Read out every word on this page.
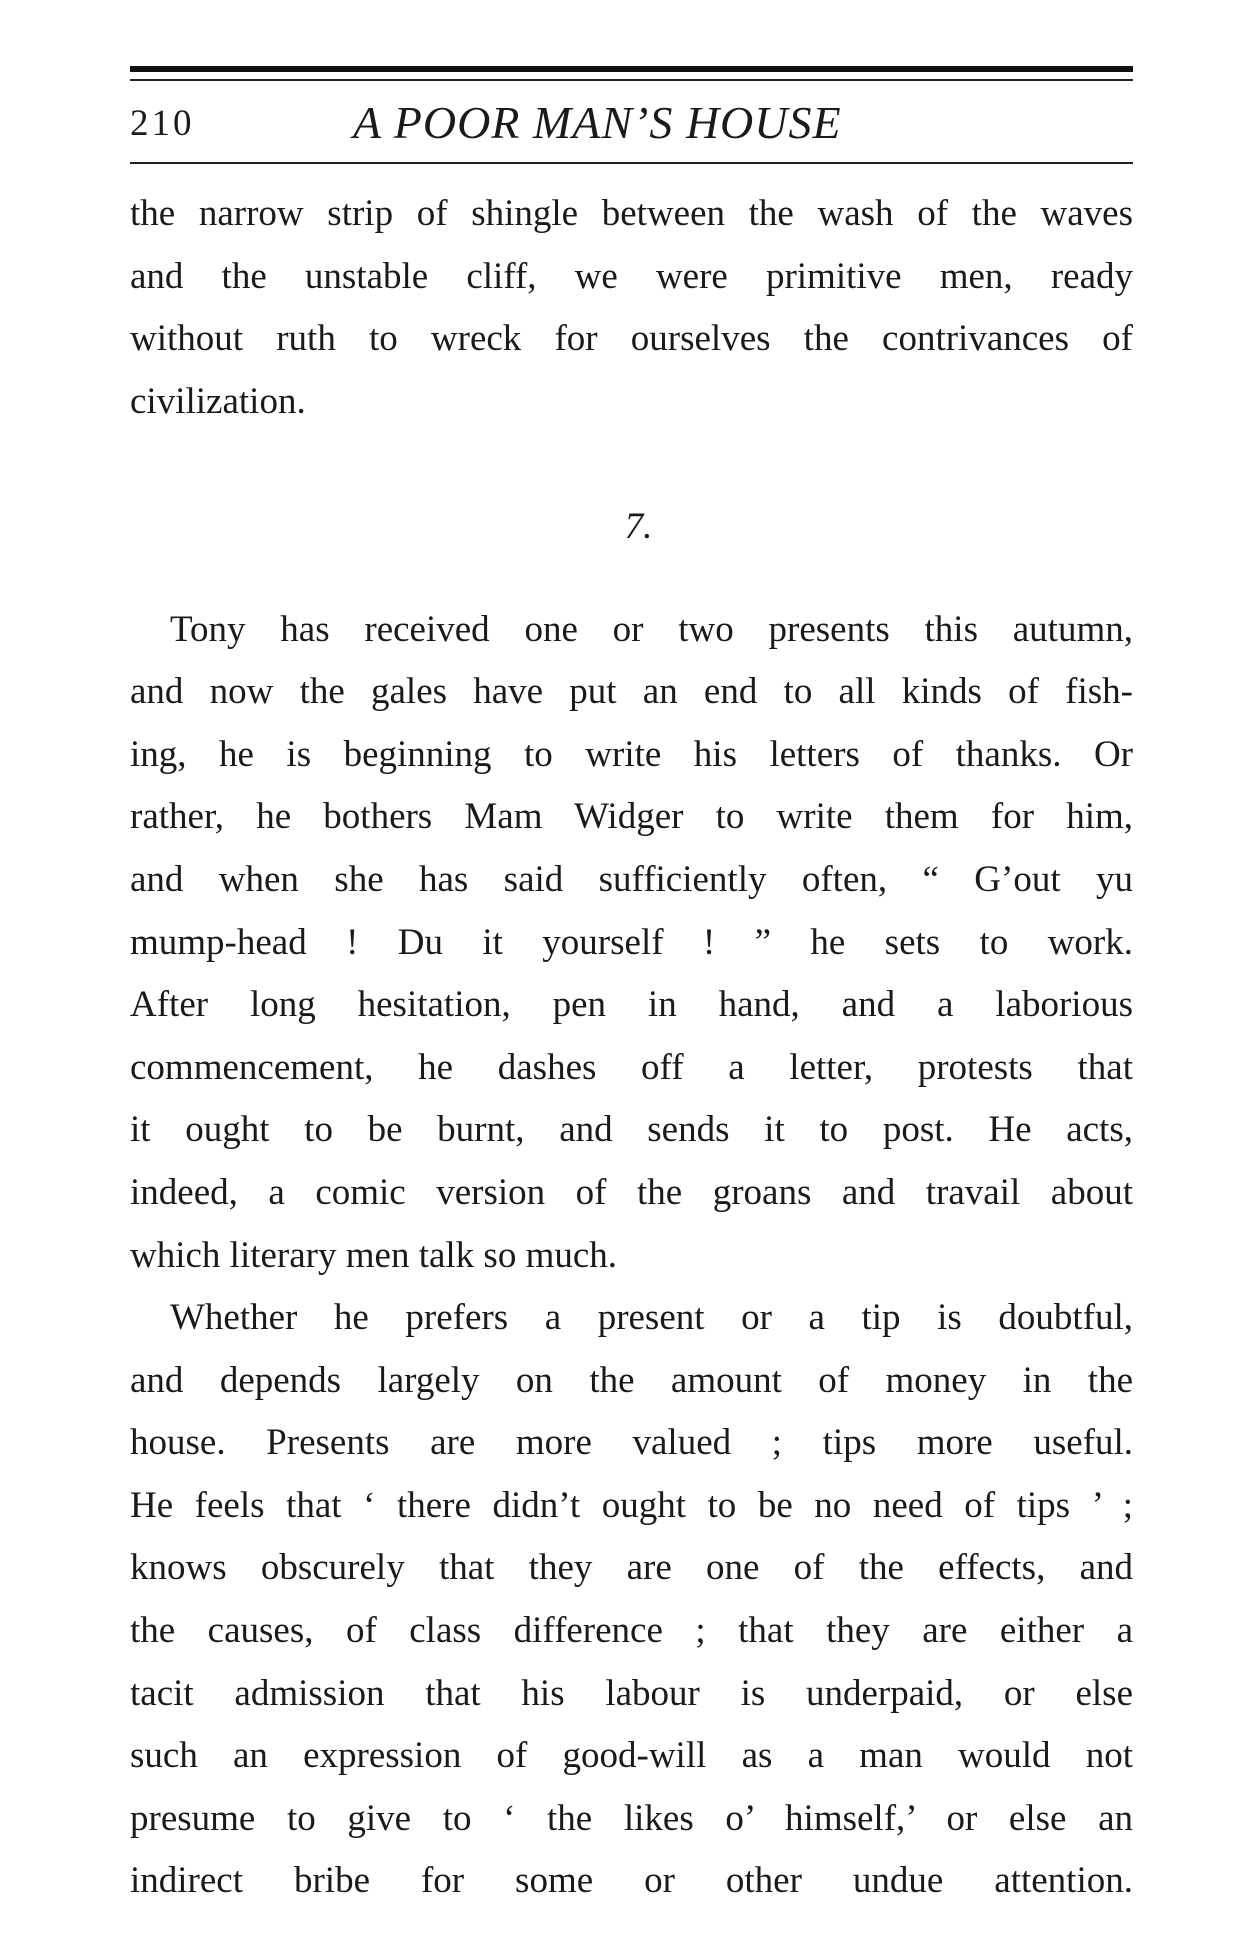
210	A POOR MAN’S HOUSE
the narrow strip of shingle between the wash of the waves
and the unstable cliff, we were primitive men, ready
without ruth to wreck for ourselves the contrivances of
civilization.
7.
Tony has received one or two presents this autumn,
and now the gales have put an end to all kinds of fish-
ing, he is beginning to write his letters of thanks. Or
rather, he bothers Mam Widger to write them for him,
and when she has said sufficiently often, “ G’out yu
mump-head ! Du it yourself ! ” he sets to work.
After long hesitation, pen in hand, and a laborious
commencement, he dashes off a letter, protests that
it ought to be burnt, and sends it to post. He acts,
indeed, a comic version of the groans and travail about
which literary men talk so much.
Whether he prefers a present or a tip is doubtful,
and depends largely on the amount of money in the
house. Presents are more valued ; tips more useful.
He feels that ‘ there didn’t ought to be no need of tips ’ ;
knows obscurely that they are one of the effects, and
the causes, of class difference ; that they are either a
tacit admission that his labour is underpaid, or else
such an expression of good-will as a man would not
presume to give to ‘ the likes o’ himself,’ or else an
indirect bribe for some or other undue attention.
